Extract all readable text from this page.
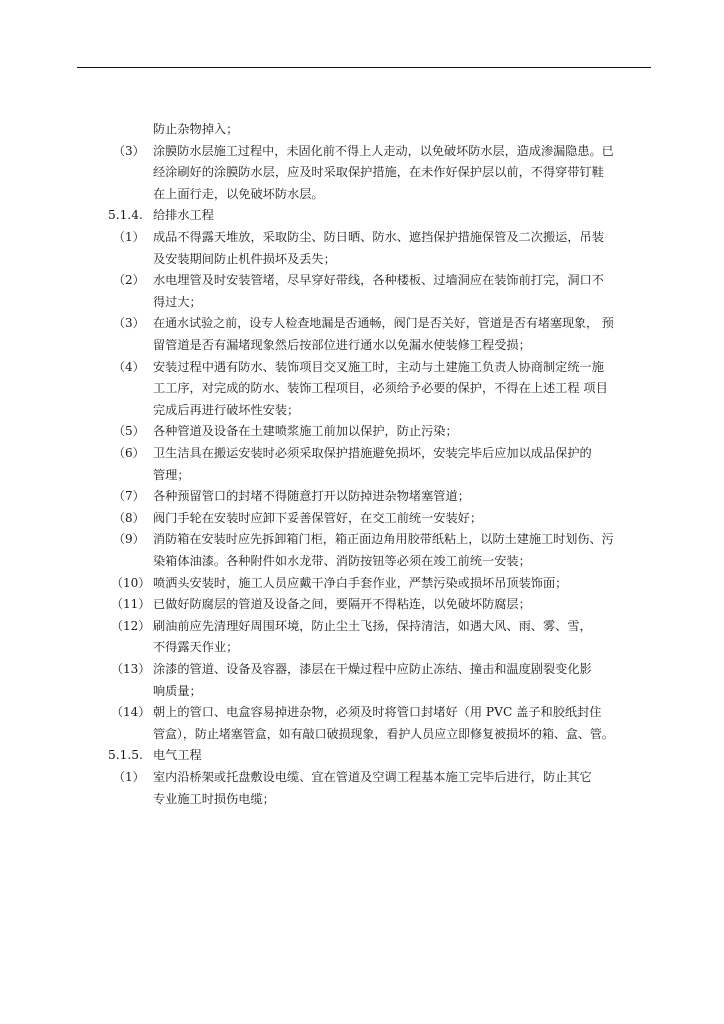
防止杂物掉入；
（3） 涂膜防水层施工过程中，未固化前不得上人走动，以免破坏防水层，造成渗漏隐患。已
经涂刷好的涂膜防水层，应及时采取保护措施，在未作好保护层以前，不得穿带钉鞋
在上面行走，以免破坏防水层。
5.1.4. 给排水工程
（1） 成品不得露天堆放，采取防尘、防日晒、防水、遮挡保护措施保管及二次搬运，吊装
及安装期间防止机件损坏及丢失；
（2） 水电埋管及时安装管堵，尽早穿好带线，各种楼板、过墙洞应在装饰前打完，洞口不
得过大；
（3） 在通水试验之前，设专人检查地漏是否通畅，阀门是否关好，管道是否有堵塞现象， 预
留管道是否有漏堵现象然后按部位进行通水以免漏水使装修工程受损；
（4） 安装过程中遇有防水、装饰项目交叉施工时，主动与土建施工负责人协商制定统一施
工工序，对完成的防水、装饰工程项目，必须给予必要的保护，不得在上述工程 项目
完成后再进行破坏性安装；
（5） 各种管道及设备在土建喷浆施工前加以保护，防止污染；
（6） 卫生洁具在搬运安装时必须采取保护措施避免损坏，安装完毕后应加以成品保护的
管理；
（7） 各种预留管口的封堵不得随意打开以防掉进杂物堵塞管道；
（8） 阀门手轮在安装时应卸下妥善保管好，在交工前统一安装好；
（9） 消防箱在安装时应先拆卸箱门柜，箱正面边角用胶带纸粘上，以防土建施工时划伤、污
染箱体油漆。各种附件如水龙带、消防按钮等必须在竣工前统一安装；
（10） 喷洒头安装时，施工人员应戴干净白手套作业，严禁污染或损坏吊顶装饰面；
（11） 已做好防腐层的管道及设备之间，要隔开不得粘连，以免破坏防腐层；
（12） 刷油前应先清理好周围环境，防止尘土飞扬，保持清洁，如遇大风、雨、雾、雪，
不得露天作业；
（13） 涂漆的管道、设备及容器，漆层在干燥过程中应防止冻结、撞击和温度剧裂变化影
响质量；
（14） 朝上的管口、电盒容易掉进杂物，必须及时将管口封堵好（用 PVC 盖子和胶纸封住
管盒），防止堵塞管盒，如有敲口破损现象，看护人员应立即修复被损坏的箱、盒、管。
5.1.5. 电气工程
（1） 室内沿桥架或托盘敷设电缆、宜在管道及空调工程基本施工完毕后进行，防止其它
专业施工时损伤电缆；
